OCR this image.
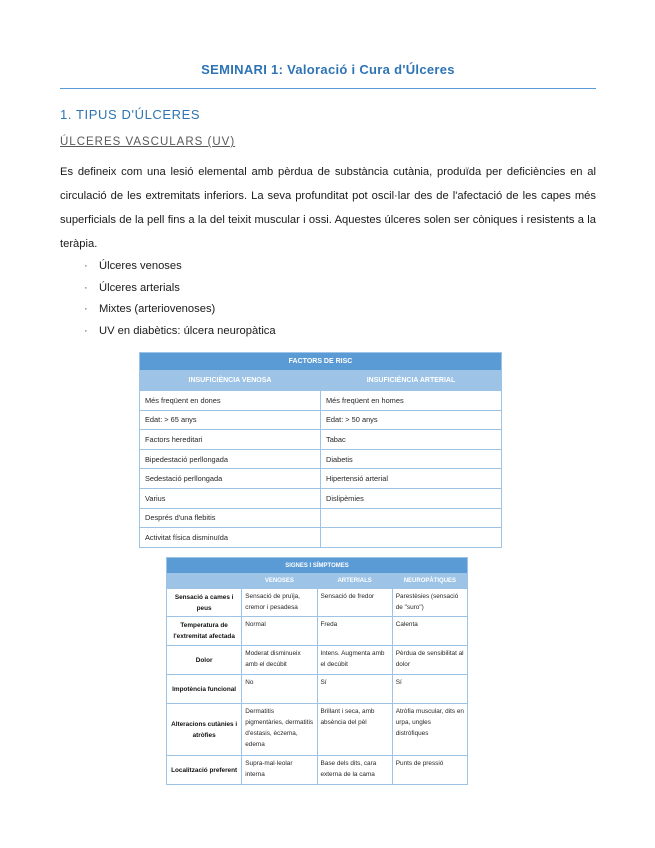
SEMINARI 1: Valoració i Cura d'Úlceres
1. TIPUS D'ÚLCERES
ÚLCERES VASCULARS (UV)

Es defineix com una lesió elemental amb pèrdua de substància cutània, produïda per deficiències en al circulació de les extremitats inferiors. La seva profunditat pot oscil·lar des de l'afectació de les capes més superficials de la pell fins a la del teixit muscular i ossi. Aquestes úlceres solen ser còniques i resistents a la teràpia.

·	Úlceres venoses
·	Úlceres arterials
·	Mixtes (arteriovenoses)
·	UV en diabètics: úlcera neuropàtica
FACTORS DE RISC	
INSUFICIÈNCIA VENOSA	INSUFICIÈNCIA ARTERIAL
Més freqüent en dones	Més freqüent en homes
Edat: > 65 anys	Edat: > 50 anys
Factors hereditari	Tabac
Bipedestació perllongada	Diabetis
Sedestació perllongada	Hipertensió arterial
Varius	Dislipèmies
Després d'una flebitis	
Activitat física disminuïda	
SIGNES I SÍMPTOMES			
	VENOSES	ARTERIALS	NEUROPÀTIQUES
Sensació a cames i peus	Sensació de pruïja, cremor i pesadesa	Sensació de fredor	Parestèsies (sensació de "suro")
Temperatura de l'extremitat afectada	Normal	Freda	Calenta
Dolor	Moderat disminueix amb el decúbit	Intens. Augmenta amb el decúbit	Pèrdua de sensibilitat al dolor
Impotència funcional	No	Sí	Sí
Alteracions cutànies i atròfies	Dermatitis pigmentàries, dermatitis d'estasis, èczema, edema	Brillant i seca, amb absència del pèl	Atròfia muscular, dits en urpa, ungles distròfiques
Localització preferent	Supra-mal·leolar interna	Base dels dits, cara externa de la cama	Punts de pressió
